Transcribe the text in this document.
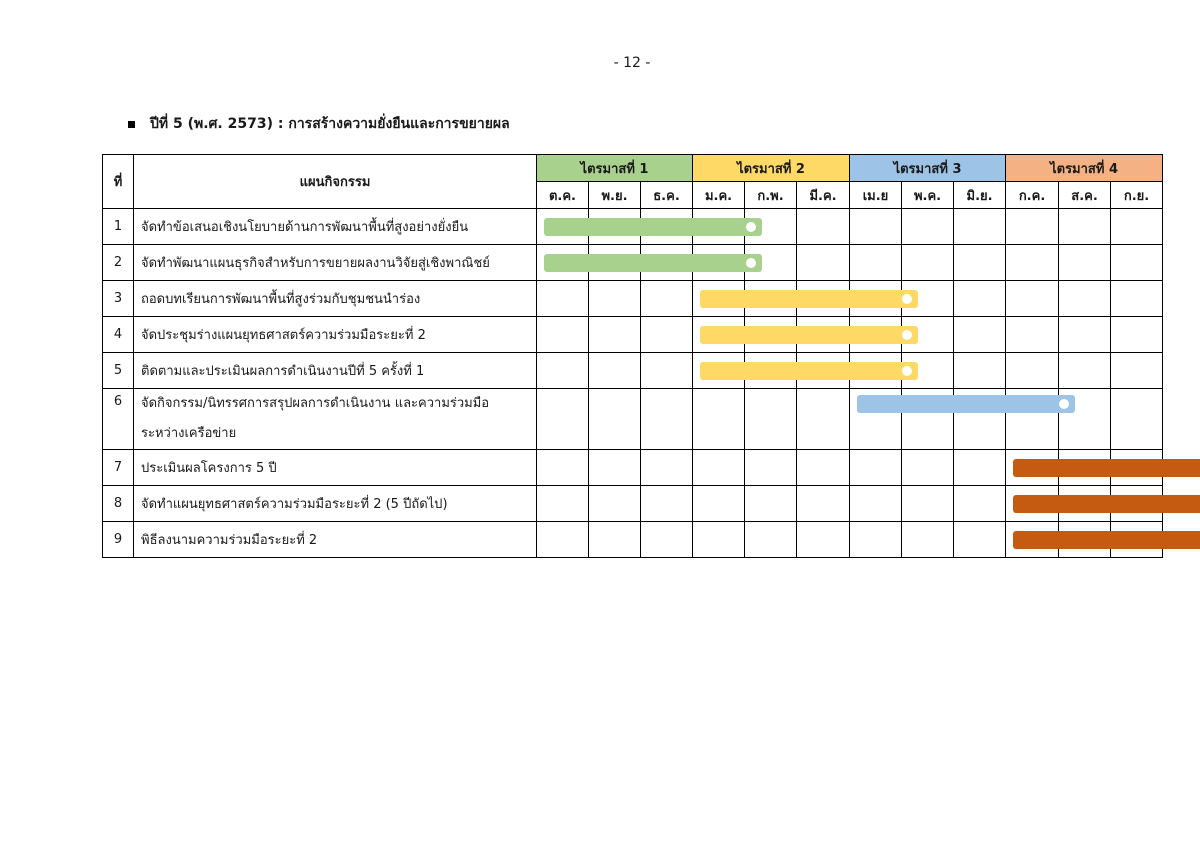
- 12 -
ปีที่ 5 (พ.ศ. 2573) : การสร้างความยั่งยืนและการขยายผล
ที่	แผนกิจกรรม	ไตรมาสที่ 1			ไตรมาสที่ 2			ไตรมาสที่ 3			ไตรมาสที่ 4		
		ต.ค.	พ.ย.	ธ.ค.	ม.ค.	ก.พ.	มี.ค.	เม.ย	พ.ค.	มิ.ย.	ก.ค.	ส.ค.	ก.ย.
1	จัดทำข้อเสนอเชิงนโยบายด้านการพัฒนาพื้นที่สูงอย่างยั่งยืน	

2	จัดทำพัฒนาแผนธุรกิจสำหรับการขยายผลงานวิจัยสู่เชิงพาณิชย์	

3	ถอดบทเรียนการพัฒนาพื้นที่สูงร่วมกับชุมชนนำร่อง				

4	จัดประชุมร่างแผนยุทธศาสตร์ความร่วมมือระยะที่ 2				

5	ติดตามและประเมินผลการดำเนินงานปีที่ 5 ครั้งที่ 1				

6	จัดกิจกรรม/นิทรรศการสรุปผลการดำเนินงาน และความร่วมมือระหว่างเครือข่าย							

7	ประเมินผลโครงการ 5 ปี										

8	จัดทำแผนยุทธศาสตร์ความร่วมมือระยะที่ 2 (5 ปีถัดไป)										

9	พิธีลงนามความร่วมมือระยะที่ 2										
